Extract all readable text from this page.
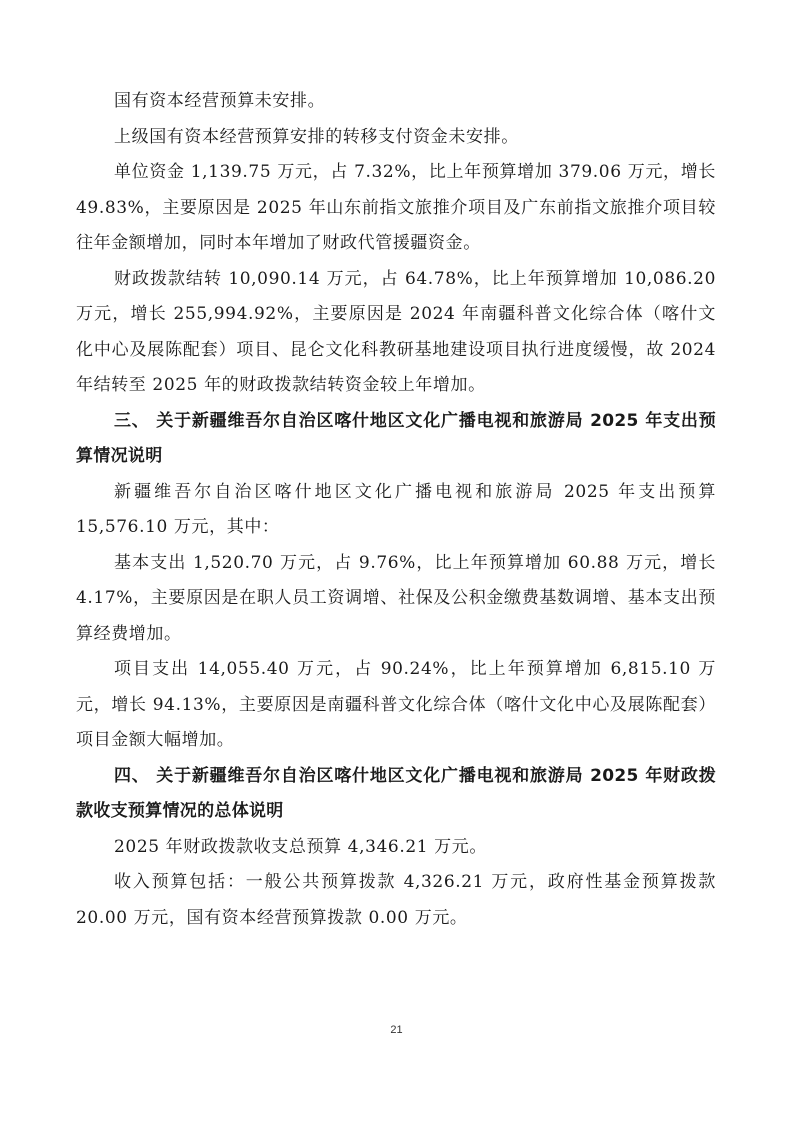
国有资本经营预算未安排。

上级国有资本经营预算安排的转移支付资金未安排。

单位资金 1,139.75 万元，占 7.32%，比上年预算增加 379.06 万元，增长 49.83%，主要原因是 2025 年山东前指文旅推介项目及广东前指文旅推介项目较往年金额增加，同时本年增加了财政代管援疆资金。

财政拨款结转 10,090.14 万元，占 64.78%，比上年预算增加 10,086.20 万元，增长 255,994.92%，主要原因是 2024 年南疆科普文化综合体（喀什文化中心及展陈配套）项目、昆仑文化科教研基地建设项目执行进度缓慢，故 2024 年结转至 2025 年的财政拨款结转资金较上年增加。

三、 关于新疆维吾尔自治区喀什地区文化广播电视和旅游局 2025 年支出预算情况说明

新疆维吾尔自治区喀什地区文化广播电视和旅游局 2025 年支出预算 15,576.10 万元，其中：

基本支出 1,520.70 万元，占 9.76%，比上年预算增加 60.88 万元，增长 4.17%，主要原因是在职人员工资调增、社保及公积金缴费基数调增、基本支出预算经费增加。

项目支出 14,055.40 万元，占 90.24%，比上年预算增加 6,815.10 万元，增长 94.13%，主要原因是南疆科普文化综合体（喀什文化中心及展陈配套）项目金额大幅增加。

四、 关于新疆维吾尔自治区喀什地区文化广播电视和旅游局 2025 年财政拨款收支预算情况的总体说明

2025 年财政拨款收支总预算 4,346.21 万元。

收入预算包括：一般公共预算拨款 4,326.21 万元，政府性基金预算拨款 20.00 万元，国有资本经营预算拨款 0.00 万元。

21
